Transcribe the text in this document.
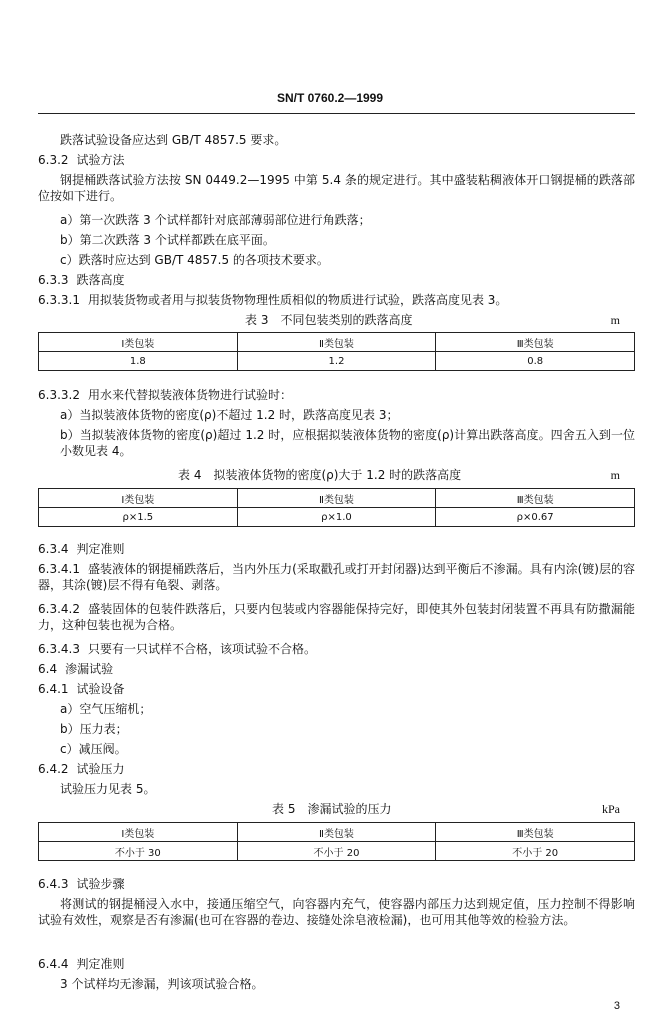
SN/T 0760.2—1999
跌落试验设备应达到 GB/T 4857.5 要求。
6.3.2 试验方法
钢提桶跌落试验方法按 SN 0449.2—1995 中第 5.4 条的规定进行。其中盛装粘稠液体开口钢提桶的跌落部位按如下进行。
a）第一次跌落 3 个试样都针对底部薄弱部位进行角跌落；
b）第二次跌落 3 个试样都跌在底平面。
c）跌落时应达到 GB/T 4857.5 的各项技术要求。
6.3.3 跌落高度
6.3.3.1 用拟装货物或者用与拟装货物物理性质相似的物质进行试验，跌落高度见表 3。
表 3　不同包装类别的跌落高度	m
Ⅰ类包装	Ⅱ类包装	Ⅲ类包装
1.8	1.2	0.8
6.3.3.2 用水来代替拟装液体货物进行试验时：
a）当拟装液体货物的密度(ρ)不超过 1.2 时，跌落高度见表 3；
b）当拟装液体货物的密度(ρ)超过 1.2 时，应根据拟装液体货物的密度(ρ)计算出跌落高度。四舍五入到一位小数见表 4。
表 4　拟装液体货物的密度(ρ)大于 1.2 时的跌落高度	m
Ⅰ类包装	Ⅱ类包装	Ⅲ类包装
ρ×1.5	ρ×1.0	ρ×0.67
6.3.4 判定准则
6.3.4.1 盛装液体的钢提桶跌落后，当内外压力(采取戳孔或打开封闭器)达到平衡后不渗漏。具有内涂(镀)层的容器，其涂(镀)层不得有龟裂、剥落。
6.3.4.2 盛装固体的包装件跌落后，只要内包装或内容器能保持完好，即使其外包装封闭装置不再具有防撒漏能力，这种包装也视为合格。
6.3.4.3 只要有一只试样不合格，该项试验不合格。
6.4 渗漏试验
6.4.1 试验设备
a）空气压缩机；
b）压力表；
c）减压阀。
6.4.2 试验压力
试验压力见表 5。
表 5　渗漏试验的压力	kPa
Ⅰ类包装	Ⅱ类包装	Ⅲ类包装
不小于 30	不小于 20	不小于 20
6.4.3 试验步骤
将测试的钢提桶浸入水中，接通压缩空气，向容器内充气，使容器内部压力达到规定值，压力控制不得影响试验有效性，观察是否有渗漏(也可在容器的卷边、接缝处涂皂液检漏)，也可用其他等效的检验方法。
6.4.4 判定准则
3 个试样均无渗漏，判该项试验合格。
3
